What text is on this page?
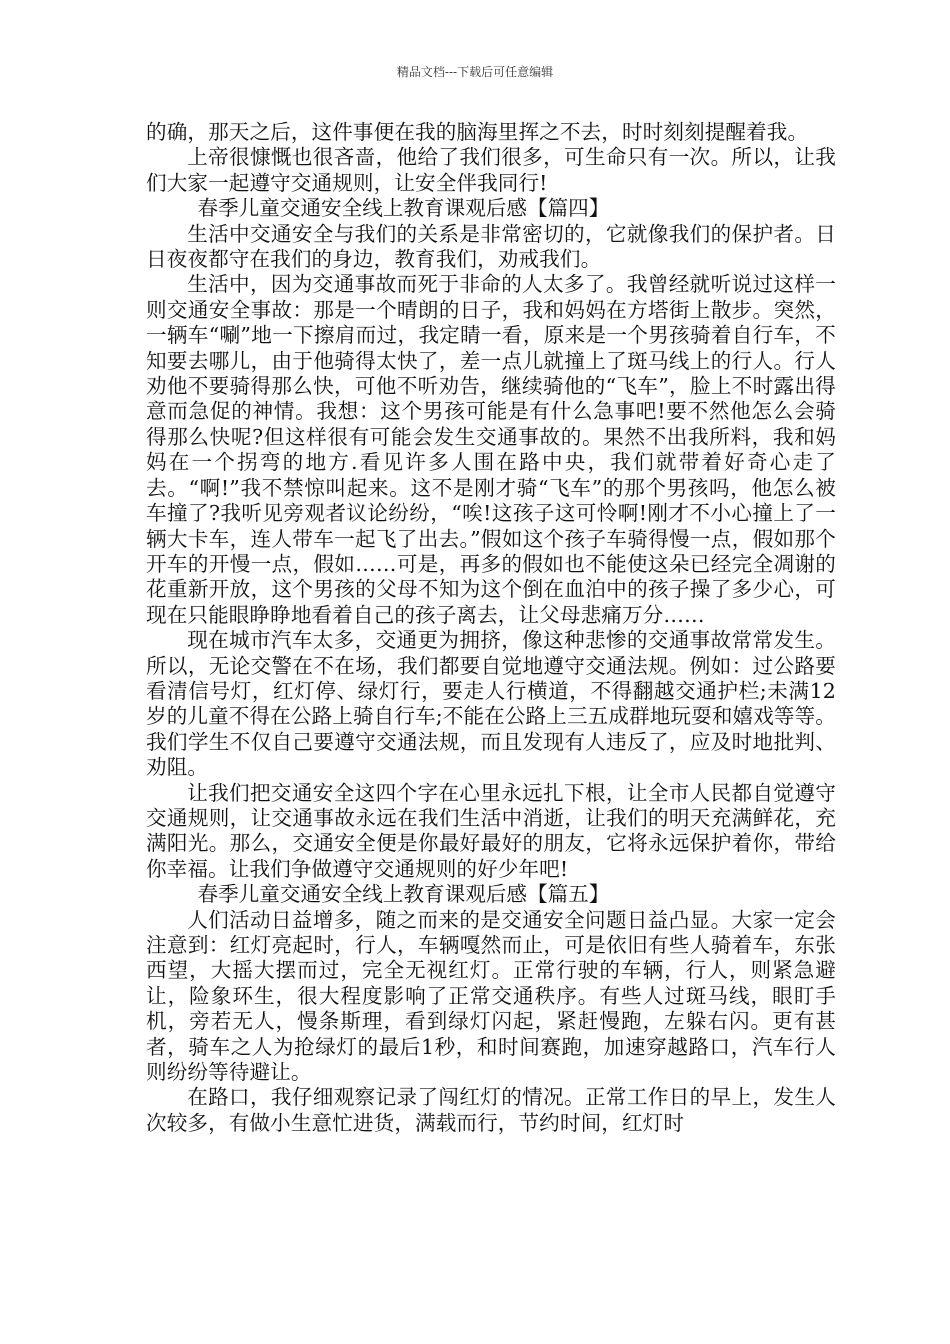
精品文档---下载后可任意编辑

的确，那天之后，这件事便在我的脑海里挥之不去，时时刻刻提醒着我。

上帝很慷慨也很吝啬，他给了我们很多，可生命只有一次。所以，让我们大家一起遵守交通规则，让安全伴我同行!

春季儿童交通安全线上教育课观后感【篇四】

生活中交通安全与我们的关系是非常密切的，它就像我们的保护者。日日夜夜都守在我们的身边，教育我们，劝戒我们。

生活中，因为交通事故而死于非命的人太多了。我曾经就听说过这样一则交通安全事故：那是一个晴朗的日子，我和妈妈在方塔街上散步。突然，一辆车“唰”地一下擦肩而过，我定睛一看，原来是一个男孩骑着自行车，不知要去哪儿，由于他骑得太快了，差一点儿就撞上了斑马线上的行人。行人劝他不要骑得那么快，可他不听劝告，继续骑他的“飞车”，脸上不时露出得意而急促的神情。我想：这个男孩可能是有什么急事吧!要不然他怎么会骑得那么快呢?但这样很有可能会发生交通事故的。果然不出我所料，我和妈妈在一个拐弯的地方.看见许多人围在路中央，我们就带着好奇心走了去。“啊!”我不禁惊叫起来。这不是刚才骑“飞车”的那个男孩吗，他怎么被车撞了?我听见旁观者议论纷纷，“唉!这孩子这可怜啊!刚才不小心撞上了一辆大卡车，连人带车一起飞了出去。”假如这个孩子车骑得慢一点，假如那个开车的开慢一点，假如……可是，再多的假如也不能使这朵已经完全凋谢的花重新开放，这个男孩的父母不知为这个倒在血泊中的孩子操了多少心，可现在只能眼睁睁地看着自己的孩子离去，让父母悲痛万分……

现在城市汽车太多，交通更为拥挤，像这种悲惨的交通事故常常发生。所以，无论交警在不在场，我们都要自觉地遵守交通法规。例如：过公路要看清信号灯，红灯停、绿灯行，要走人行横道，不得翻越交通护栏;未满12岁的儿童不得在公路上骑自行车;不能在公路上三五成群地玩耍和嬉戏等等。我们学生不仅自己要遵守交通法规，而且发现有人违反了，应及时地批判、劝阻。

让我们把交通安全这四个字在心里永远扎下根，让全市人民都自觉遵守交通规则，让交通事故永远在我们生活中消逝，让我们的明天充满鲜花，充满阳光。那么，交通安全便是你最好最好的朋友，它将永远保护着你，带给你幸福。让我们争做遵守交通规则的好少年吧!

春季儿童交通安全线上教育课观后感【篇五】

人们活动日益增多，随之而来的是交通安全问题日益凸显。大家一定会注意到：红灯亮起时，行人，车辆嘎然而止，可是依旧有些人骑着车，东张西望，大摇大摆而过，完全无视红灯。正常行驶的车辆，行人，则紧急避让，险象环生，很大程度影响了正常交通秩序。有些人过斑马线，眼盯手机，旁若无人，慢条斯理，看到绿灯闪起，紧赶慢跑，左躲右闪。更有甚者，骑车之人为抢绿灯的最后1秒，和时间赛跑，加速穿越路口，汽车行人则纷纷等待避让。

在路口，我仔细观察记录了闯红灯的情况。正常工作日的早上，发生人次较多，有做小生意忙进货，满载而行，节约时间，红灯时
